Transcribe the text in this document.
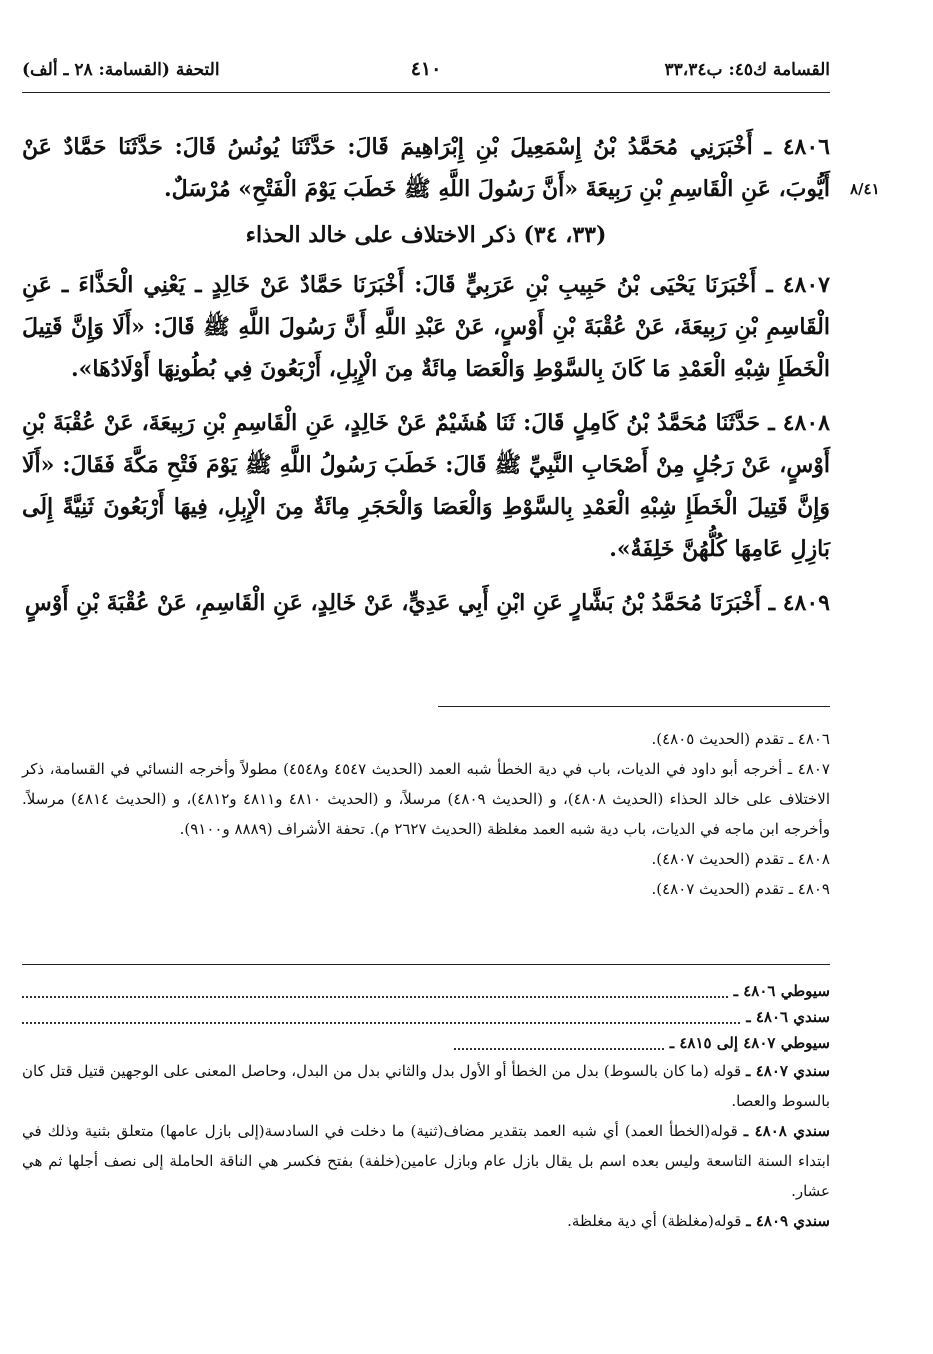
القسامة ك٤٥: ب٣٣،٣٤
٤١٠
التحفة (القسامة: ٢٨ ـ ألف)
٨/٤١

٤٨٠٦ ـ أَخْبَرَنِي مُحَمَّدُ بْنُ إِسْمَعِيلَ بْنِ إِبْرَاهِيمَ قَالَ: حَدَّثَنَا يُونُسُ قَالَ: حَدَّثَنَا حَمَّادٌ عَنْ أَيُّوبَ، عَنِ الْقَاسِمِ بْنِ رَبِيعَةَ «أَنَّ رَسُولَ اللَّهِ ﷺ خَطَبَ يَوْمَ الْفَتْحِ» مُرْسَلٌ.

(٣٣، ٣٤) ذكر الاختلاف على خالد الحذاء

٤٨٠٧ ـ أَخْبَرَنَا يَحْيَى بْنُ حَبِيبِ بْنِ عَرَبِيٍّ قَالَ: أَخْبَرَنَا حَمَّادٌ عَنْ خَالِدٍ ـ يَعْنِي الْحَذَّاءَ ـ عَنِ الْقَاسِمِ بْنِ رَبِيعَةَ، عَنْ عُقْبَةَ بْنِ أَوْسٍ، عَنْ عَبْدِ اللَّهِ أَنَّ رَسُولَ اللَّهِ ﷺ قَالَ: «أَلَا وَإِنَّ قَتِيلَ الْخَطَإِ شِبْهِ الْعَمْدِ مَا كَانَ بِالسَّوْطِ وَالْعَصَا مِائَةٌ مِنَ الْإِبِلِ، أَرْبَعُونَ فِي بُطُونِهَا أَوْلَادُهَا».

٤٨٠٨ ـ حَدَّثَنَا مُحَمَّدُ بْنُ كَامِلٍ قَالَ: ثَنَا هُشَيْمٌ عَنْ خَالِدٍ، عَنِ الْقَاسِمِ بْنِ رَبِيعَةَ، عَنْ عُقْبَةَ بْنِ أَوْسٍ، عَنْ رَجُلٍ مِنْ أَصْحَابِ النَّبِيِّ ﷺ قَالَ: خَطَبَ رَسُولُ اللَّهِ ﷺ يَوْمَ فَتْحِ مَكَّةَ فَقَالَ: «أَلَا وَإِنَّ قَتِيلَ الْخَطَإِ شِبْهِ الْعَمْدِ بِالسَّوْطِ وَالْعَصَا وَالْحَجَرِ مِائَةٌ مِنَ الْإِبِلِ، فِيهَا أَرْبَعُونَ ثَنِيَّةً إِلَى بَازِلِ عَامِهَا كُلُّهُنَّ خَلِفَةٌ».

٤٨٠٩ ـ أَخْبَرَنَا مُحَمَّدُ بْنُ بَشَّارٍ عَنِ ابْنِ أَبِي عَدِيٍّ، عَنْ خَالِدٍ، عَنِ الْقَاسِمِ، عَنْ عُقْبَةَ بْنِ أَوْسٍ

٤٨٠٦ ـ تقدم (الحديث ٤٨٠٥).

٤٨٠٧ ـ أخرجه أبو داود في الديات، باب في دية الخطأ شبه العمد (الحديث ٤٥٤٧ و٤٥٤٨) مطولاً وأخرجه النسائي في القسامة، ذكر الاختلاف على خالد الحذاء (الحديث ٤٨٠٨)، و (الحديث ٤٨٠٩) مرسلاً، و (الحديث ٤٨١٠ و٤٨١١ و٤٨١٢)، و (الحديث ٤٨١٤) مرسلاً. وأخرجه ابن ماجه في الديات، باب دية شبه العمد مغلظة (الحديث ٢٦٢٧ م). تحفة الأشراف (٨٨٨٩ و٩١٠٠).

٤٨٠٨ ـ تقدم (الحديث ٤٨٠٧).

٤٨٠٩ ـ تقدم (الحديث ٤٨٠٧).

سيوطي ٤٨٠٦ ـ
سندي ٤٨٠٦ ـ
سيوطي ٤٨٠٧ إلى ٤٨١٥ ـ

سندي ٤٨٠٧ ـ قوله (ما كان بالسوط) بدل من الخطأ أو الأول بدل والثاني بدل من البدل، وحاصل المعنى على الوجهين قتيل قتل كان بالسوط والعصا.

سندي ٤٨٠٨ ـ قوله(الخطأ العمد) أي شبه العمد بتقدير مضاف(ثنية) ما دخلت في السادسة(إلى بازل عامها) متعلق بثنية وذلك في ابتداء السنة التاسعة وليس بعده اسم بل يقال بازل عام وبازل عامين(خلفة) بفتح فكسر هي الناقة الحاملة إلى نصف أجلها ثم هي عشار.

سندي ٤٨٠٩ ـ قوله(مغلظة) أي دية مغلظة.
